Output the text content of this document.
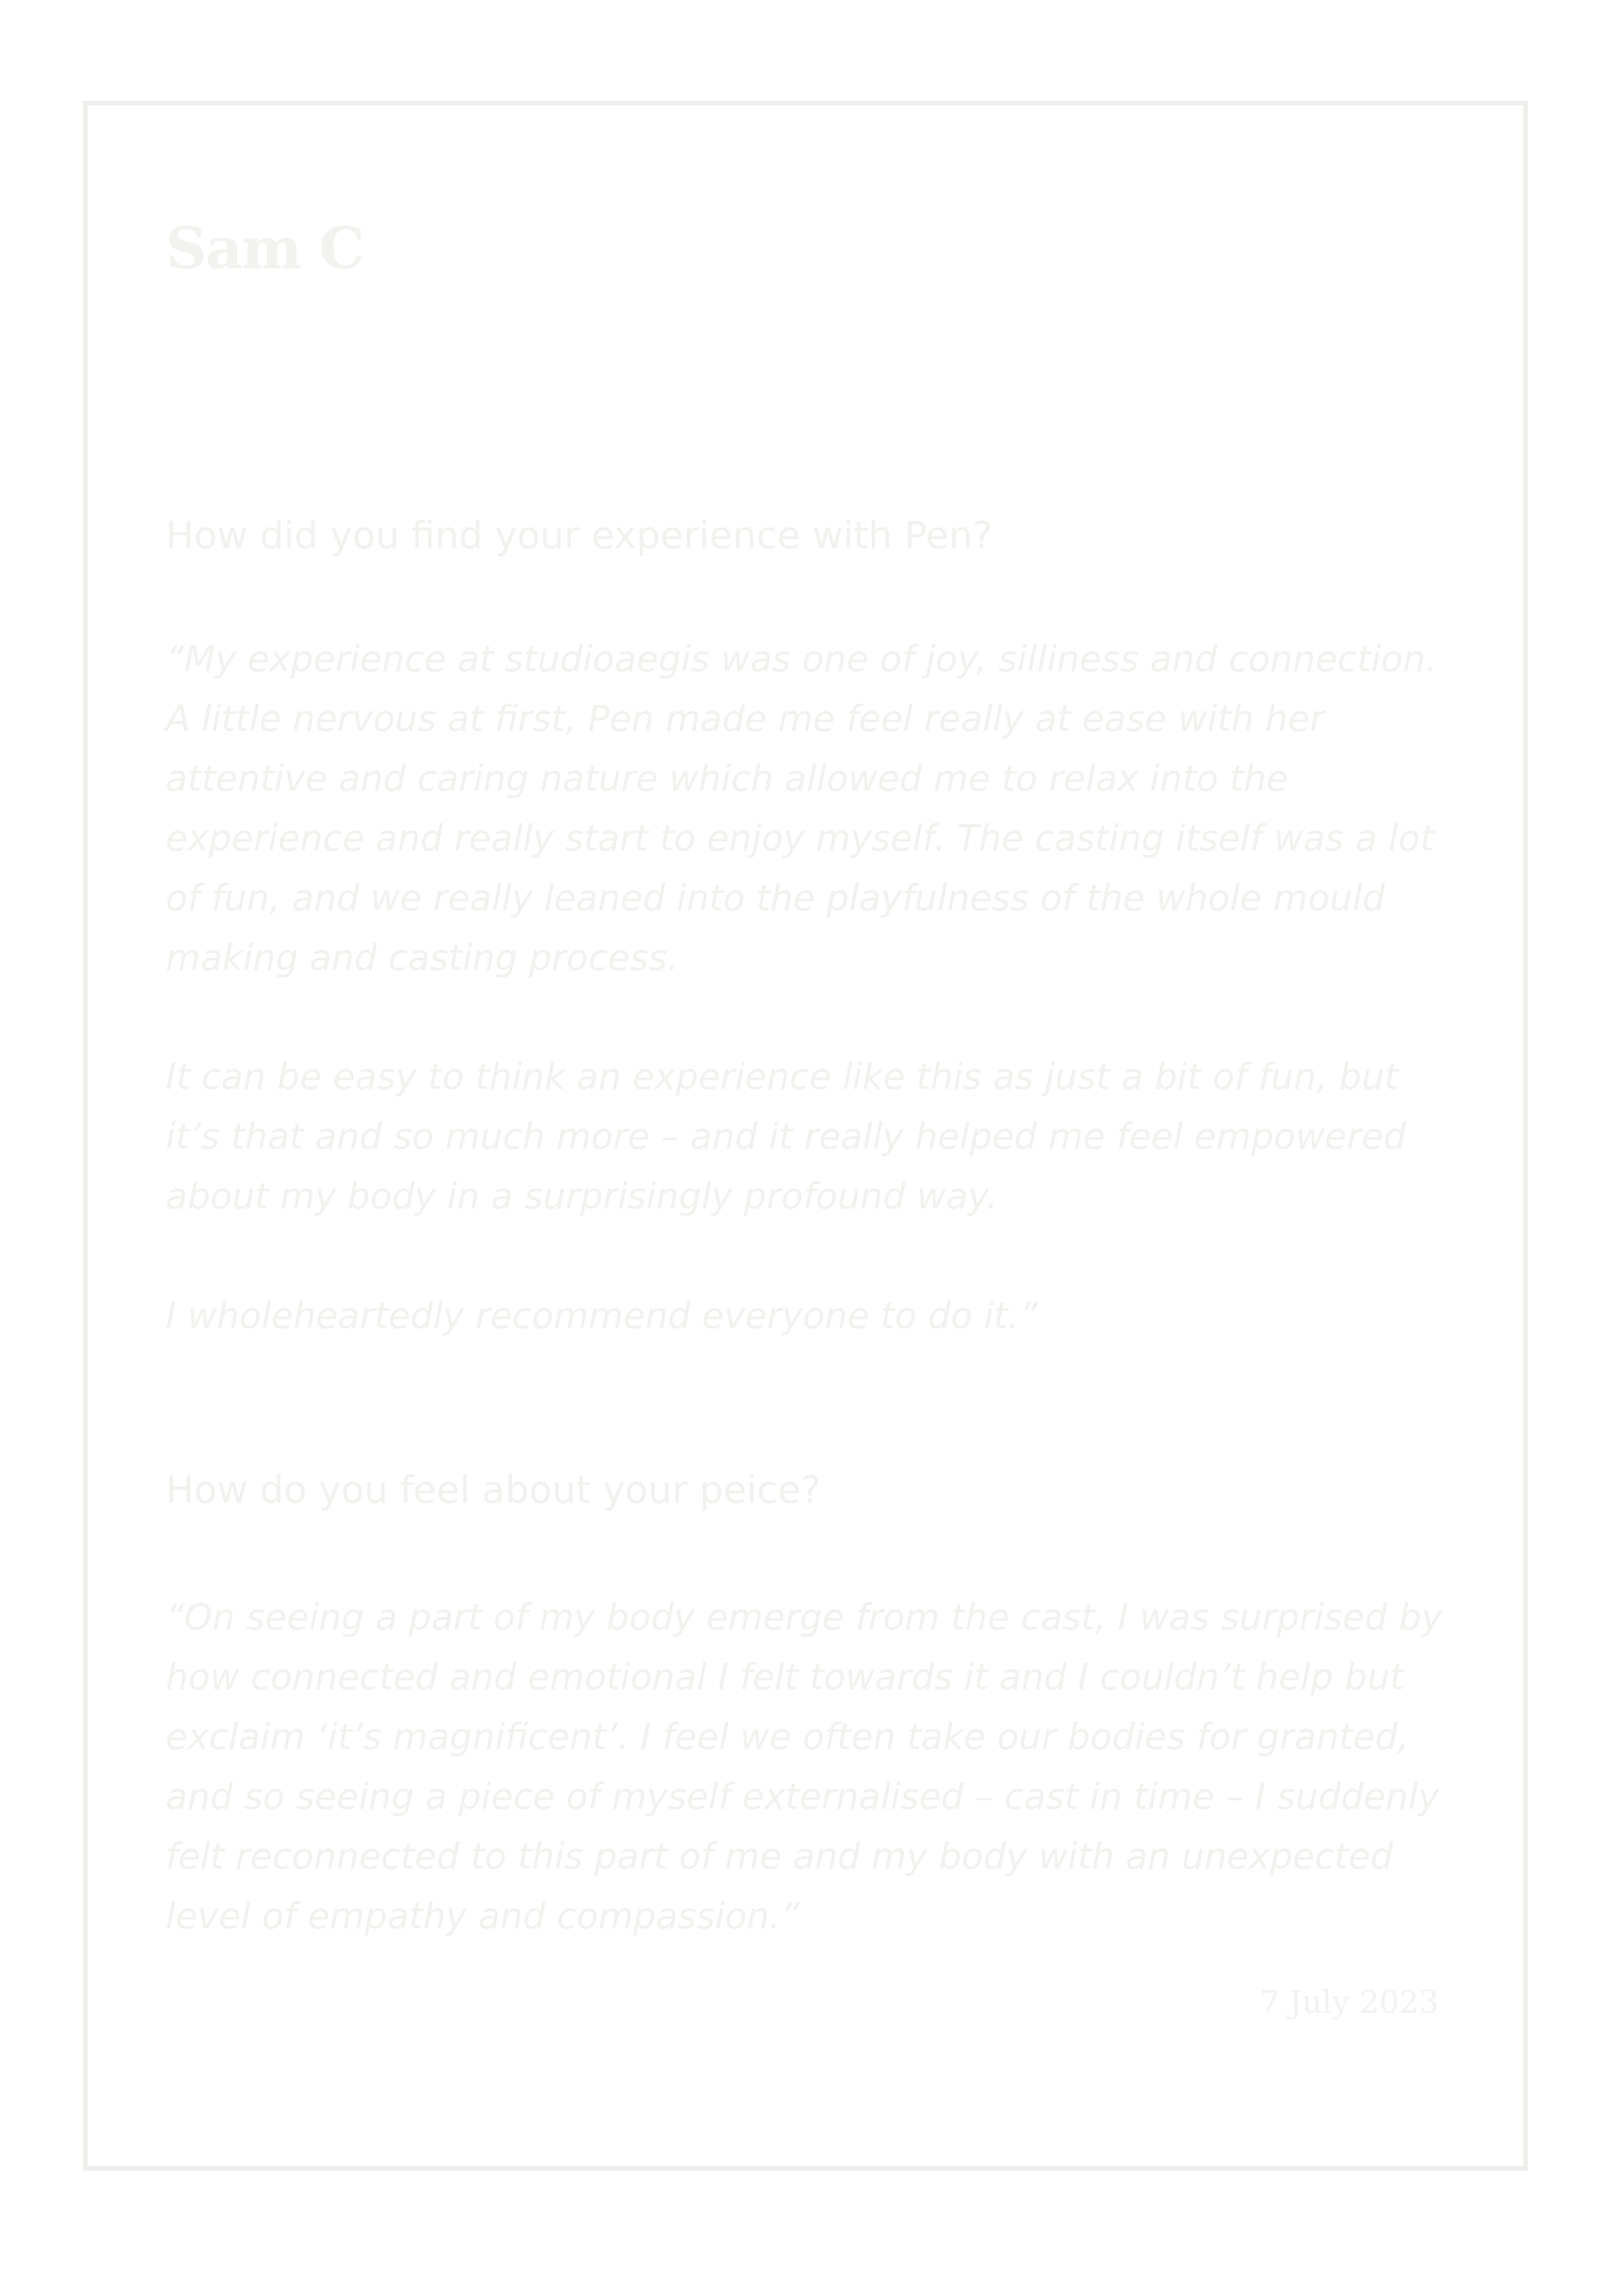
Sam C

How did you find your experience with Pen?

“My experience at studioaegis was one of joy, silliness and connection. A little nervous at first, Pen made me feel really at ease with her attentive and caring nature which allowed me to relax into the experience and really start to enjoy myself. The casting itself was a lot of fun, and we really leaned into the playfulness of the whole mould making and casting process.

It can be easy to think an experience like this as just a bit of fun, but it’s that and so much more – and it really helped me feel empowered about my body in a surprisingly profound way.

I wholeheartedly recommend everyone to do it.”

How do you feel about your peice?

“On seeing a part of my body emerge from the cast, I was surprised by how connected and emotional I felt towards it and I couldn’t help but exclaim ‘it’s magnificent’. I feel we often take our bodies for granted, and so seeing a piece of myself externalised – cast in time – I suddenly felt reconnected to this part of me and my body with an unexpected level of empathy and compassion.”

7 July 2023
